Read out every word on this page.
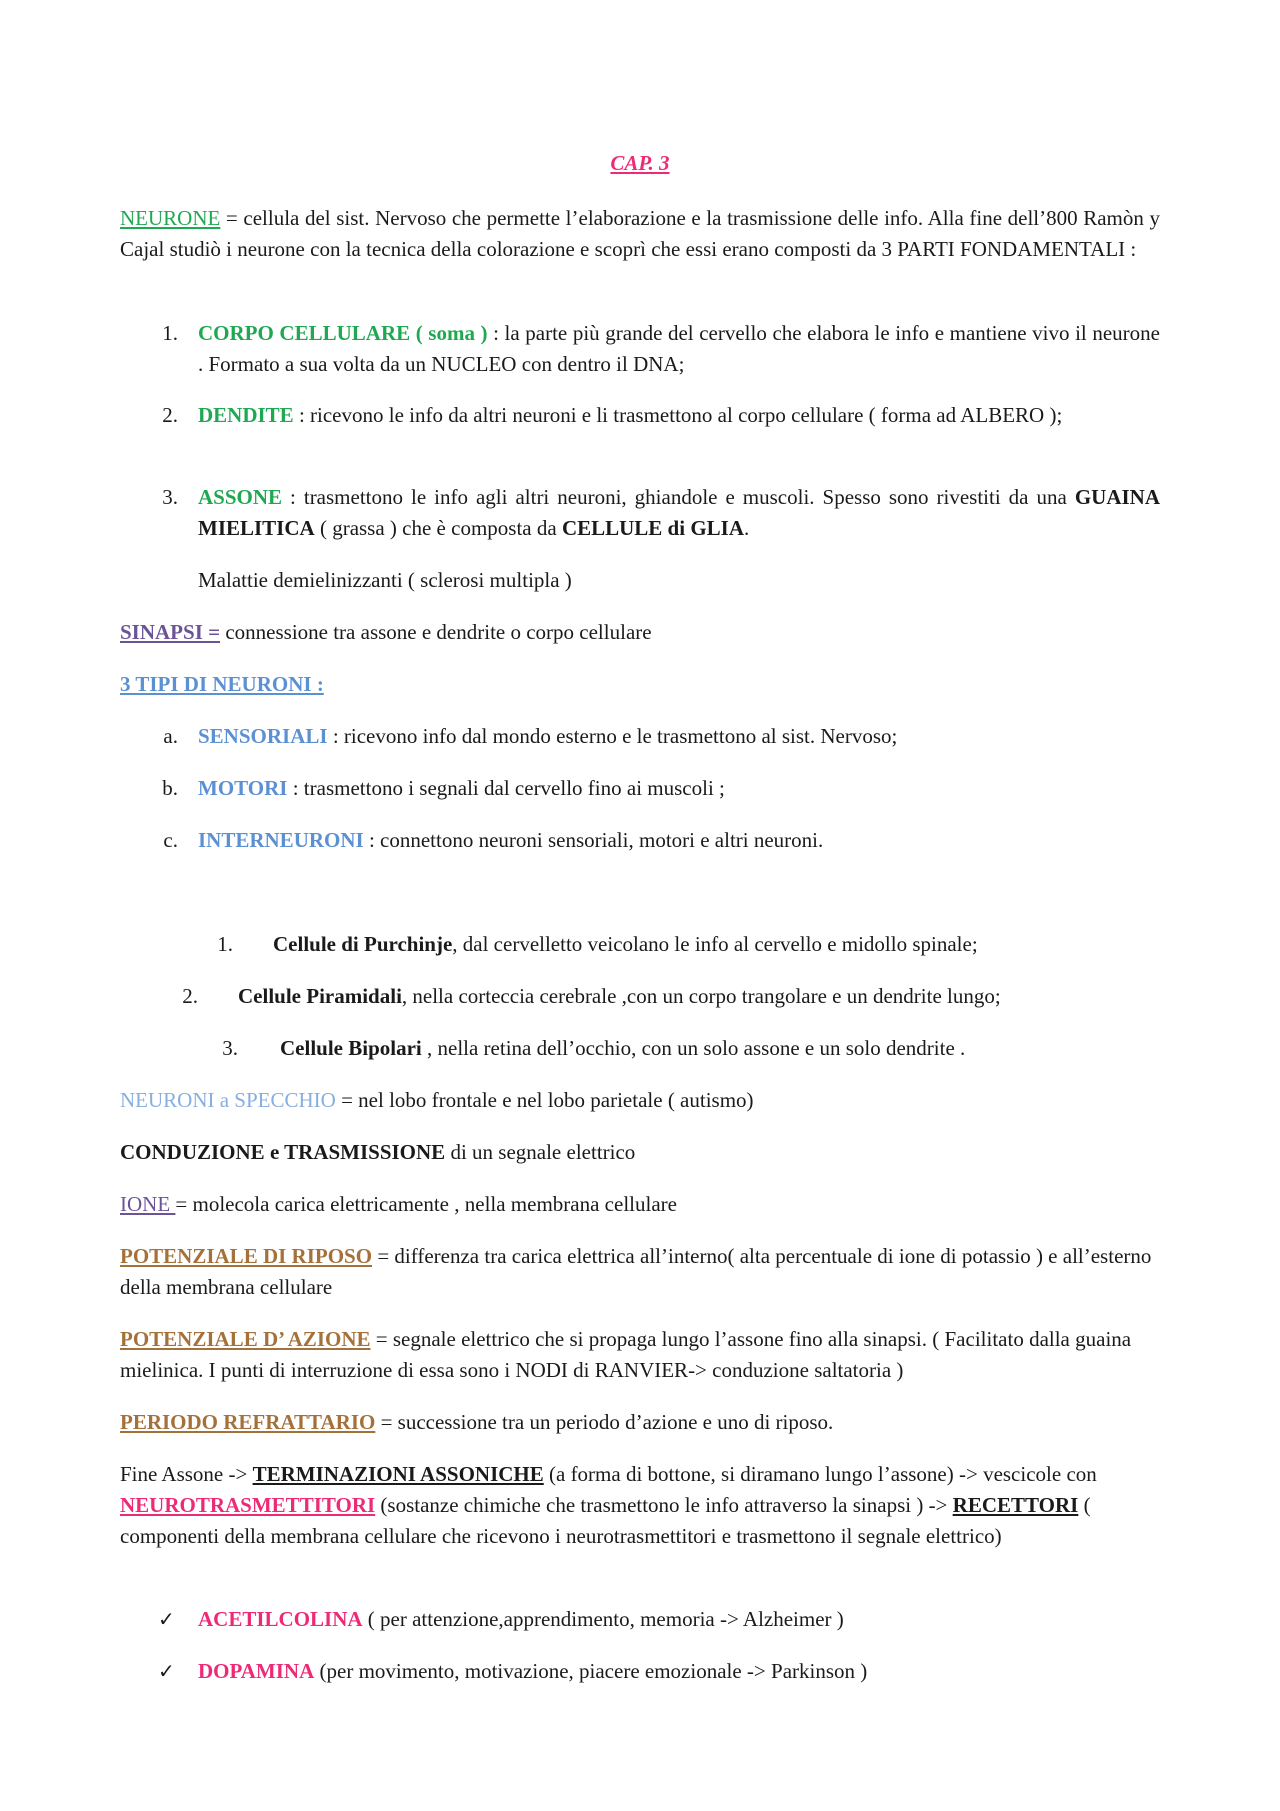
CAP. 3

NEURONE = cellula del sist. Nervoso che permette l’elaborazione e la trasmissione delle info. Alla fine dell’800 Ramòn y Cajal studiò i neurone con la tecnica della colorazione e scoprì che essi erano composti da 3 PARTI FONDAMENTALI :

1. CORPO CELLULARE ( soma ) : la parte più grande del cervello che elabora le info e mantiene vivo il neurone . Formato a sua volta da un NUCLEO con dentro il DNA;

2. DENDITE : ricevono le info da altri neuroni e li trasmettono al corpo cellulare ( forma ad ALBERO );

3. ASSONE : trasmettono le info agli altri neuroni, ghiandole e muscoli. Spesso sono rivestiti da una GUAINA MIELITICA ( grassa ) che è composta da CELLULE di GLIA.

Malattie demielinizzanti ( sclerosi multipla )

SINAPSI = connessione tra assone e dendrite o corpo cellulare

3 TIPI DI NEURONI :

a. SENSORIALI : ricevono info dal mondo esterno e le trasmettono al sist. Nervoso;

b. MOTORI : trasmettono i segnali dal cervello fino ai muscoli ;

c. INTERNEURONI : connettono neuroni sensoriali, motori e altri neuroni.

1. Cellule di Purchinje, dal cervelletto veicolano le info al cervello e midollo spinale;

2. Cellule Piramidali, nella corteccia cerebrale ,con un corpo trangolare e un dendrite lungo;

3. Cellule Bipolari , nella retina dell’occhio, con un solo assone e un solo dendrite .

NEURONI a SPECCHIO = nel lobo frontale e nel lobo parietale ( autismo)

CONDUZIONE e TRASMISSIONE di un segnale elettrico

IONE = molecola carica elettricamente , nella membrana cellulare

POTENZIALE DI RIPOSO = differenza tra carica elettrica all’interno( alta percentuale di ione di potassio ) e all’esterno della membrana cellulare

POTENZIALE D’ AZIONE = segnale elettrico che si propaga lungo l’assone fino alla sinapsi. ( Facilitato dalla guaina mielinica. I punti di interruzione di essa sono i NODI di RANVIER-> conduzione saltatoria )

PERIODO REFRATTARIO = successione tra un periodo d’azione e uno di riposo.

Fine Assone -> TERMINAZIONI ASSONICHE (a forma di bottone, si diramano lungo l’assone) -> vescicole con NEUROTRASMETTITORI (sostanze chimiche che trasmettono le info attraverso la sinapsi ) -> RECETTORI ( componenti della membrana cellulare che ricevono i neurotrasmettitori e trasmettono il segnale elettrico)

✓ ACETILCOLINA ( per attenzione,apprendimento, memoria -> Alzheimer )

✓ DOPAMINA (per movimento, motivazione, piacere emozionale -> Parkinson )
